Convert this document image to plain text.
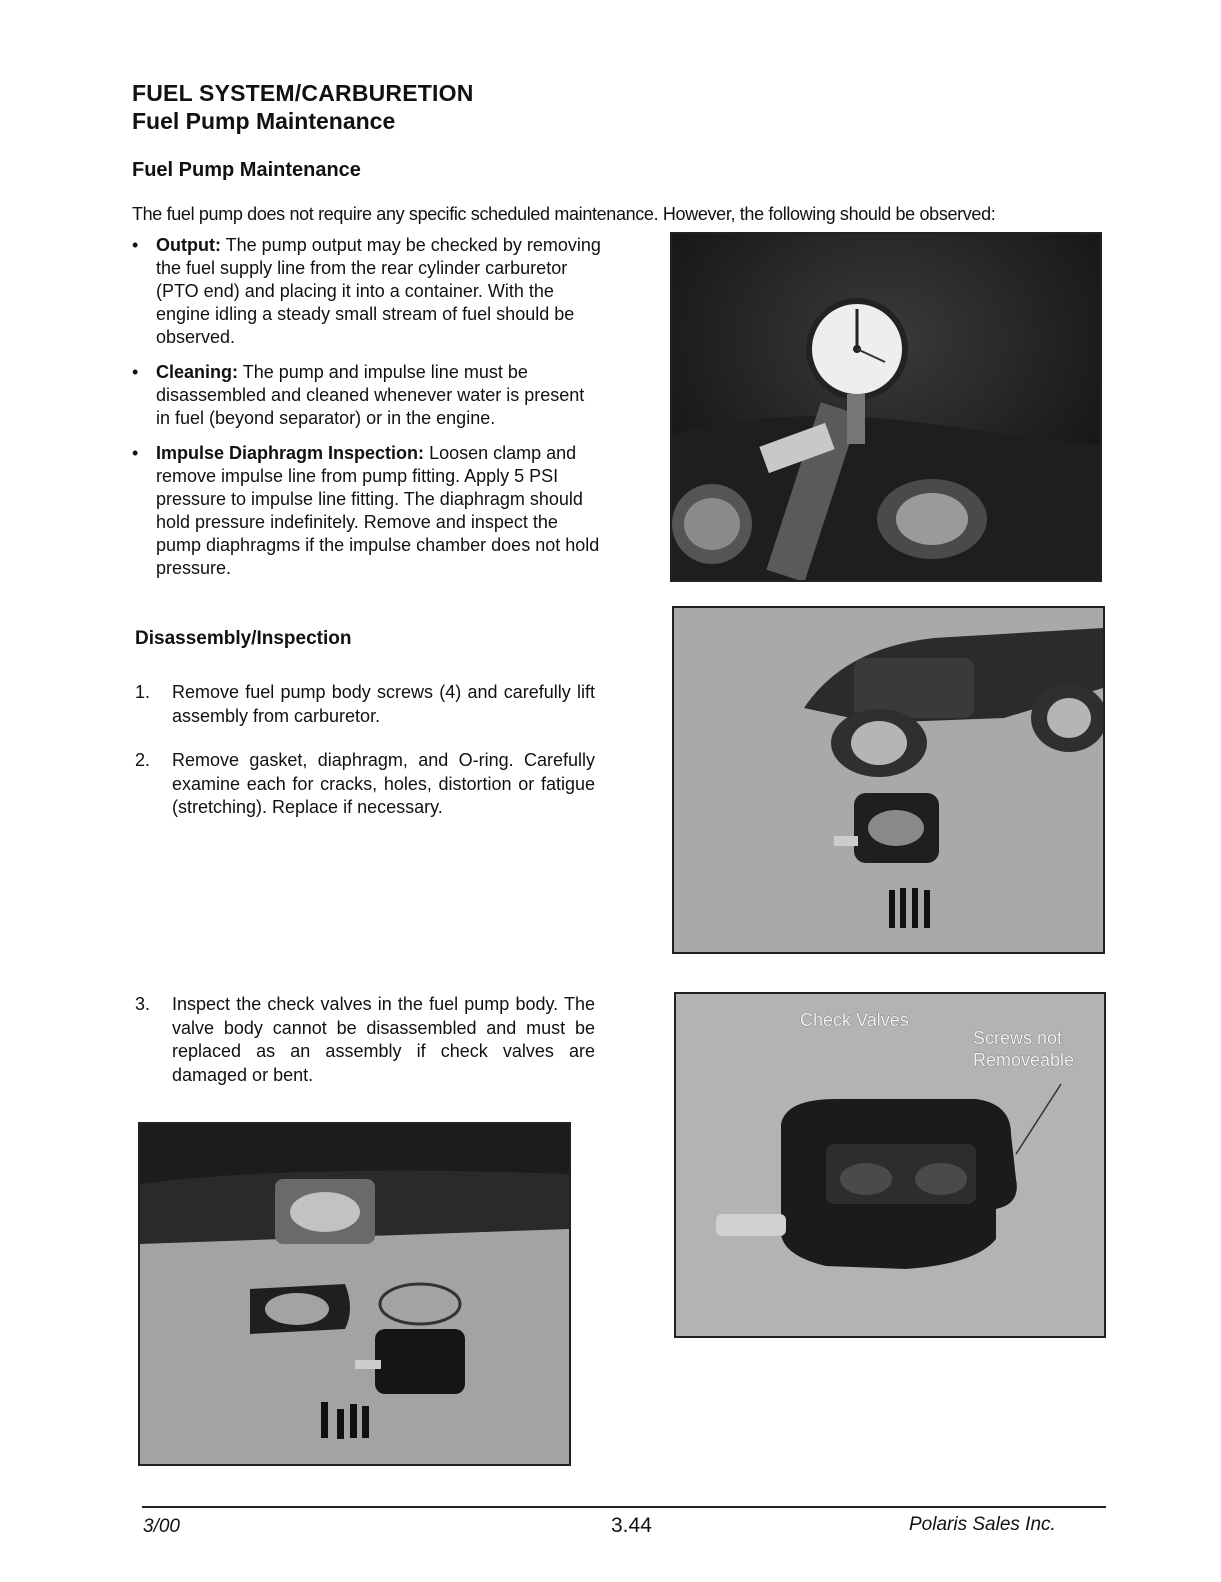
FUEL SYSTEM/CARBURETION
Fuel Pump Maintenance
Fuel Pump Maintenance
The fuel pump does not require any specific scheduled maintenance. However, the following should be observed:
• Output: The pump output may be checked by removing the fuel supply line from the rear cylinder carburetor (PTO end) and placing it into a container. With the engine idling a steady small stream of fuel should be observed.
• Cleaning: The pump and impulse line must be disassembled and cleaned whenever water is present in fuel (beyond separator) or in the engine.
• Impulse Diaphragm Inspection: Loosen clamp and remove impulse line from pump fitting. Apply 5 PSI pressure to impulse line fitting. The diaphragm should hold pressure indefinitely. Remove and inspect the pump diaphragms if the impulse chamber does not hold pressure.
Disassembly/Inspection
1. Remove fuel pump body screws (4) and carefully lift assembly from carburetor.
2. Remove gasket, diaphragm, and O-ring. Carefully examine each for cracks, holes, distortion or fatigue (stretching). Replace if necessary.
3. Inspect the check valves in the fuel pump body. The valve body cannot be disassembled and must be replaced as an assembly if check valves are damaged or bent.
Check Valves
Screws not
Removeable
3/00	3.44	Polaris Sales Inc.
